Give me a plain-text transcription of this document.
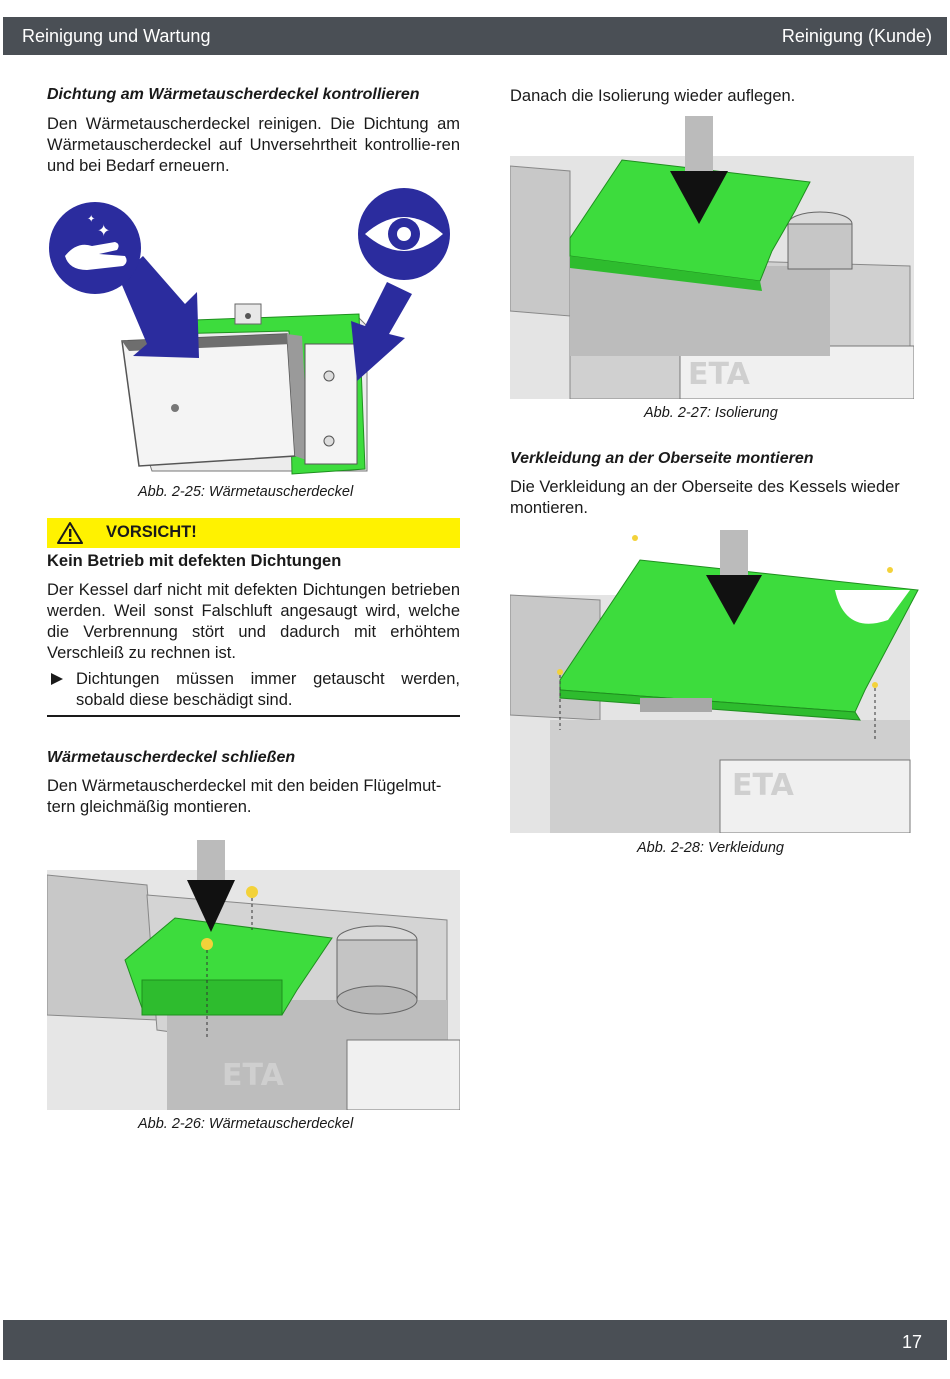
Reinigung und Wartung	Reinigung (Kunde)
Dichtung am Wärmetauscherdeckel kontrollieren
Den Wärmetauscherdeckel reinigen. Die Dichtung am Wärmetauscherdeckel auf Unversehrtheit kontrollie-ren und bei Bedarf erneuern.
✦
✦
Abb. 2-25: Wärmetauscherdeckel
VORSICHT!
Kein Betrieb mit defekten Dichtungen
Der Kessel darf nicht mit defekten Dichtungen betrieben werden. Weil sonst Falschluft angesaugt wird, welche die Verbrennung stört und dadurch mit erhöhtem Verschleiß zu rechnen ist.
Dichtungen müssen immer getauscht werden, sobald diese beschädigt sind.
Wärmetauscherdeckel schließen
Den Wärmetauscherdeckel mit den beiden Flügelmut-tern gleichmäßig montieren.
ETA
Abb. 2-26: Wärmetauscherdeckel
Danach die Isolierung wieder auflegen.
ETA
Abb. 2-27: Isolierung
Verkleidung an der Oberseite montieren
Die Verkleidung an der Oberseite des Kessels wieder montieren.
ETA
Abb. 2-28: Verkleidung
17
